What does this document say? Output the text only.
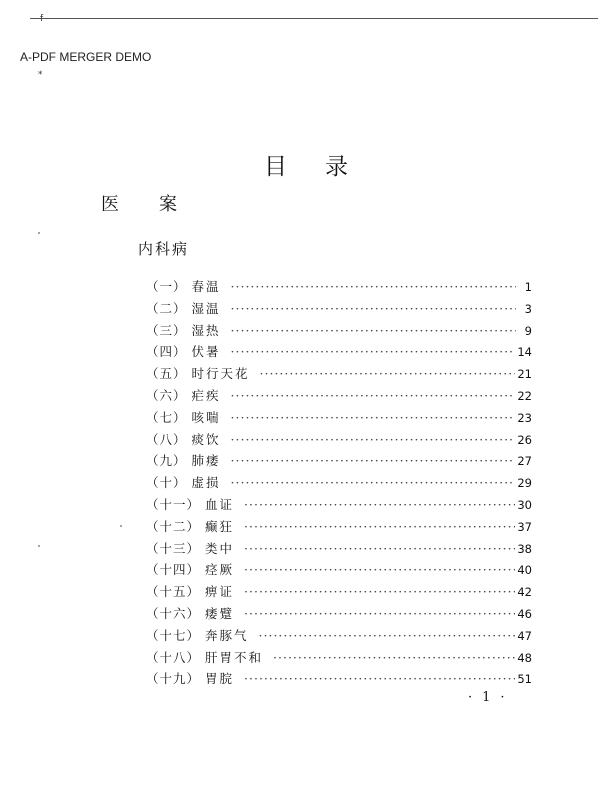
f
A-PDF MERGER DEMO
*
目录
医案
内科病
（一） 春温 ·····	1
（二） 湿温 ·····	3
（三） 湿热 ·····	9
（四） 伏暑 ·····	14
（五） 时行天花 ·····	21
（六） 疟疾 ·····	22
（七） 咳喘 ·····	23
（八） 痰饮 ·····	26
（九） 肺痿 ·····	27
（十） 虚损 ·····	29
（十一） 血证 ·····	30
（十二） 癫狂 ·····	37
（十三） 类中 ·····	38
（十四） 痉厥 ·····	40
（十五） 痹证 ·····	42
（十六） 痿躄 ·····	46
（十七） 奔豚气 ·····	47
（十八） 肝胃不和 ·····	48
（十九） 胃脘 ·····	51
·1·
